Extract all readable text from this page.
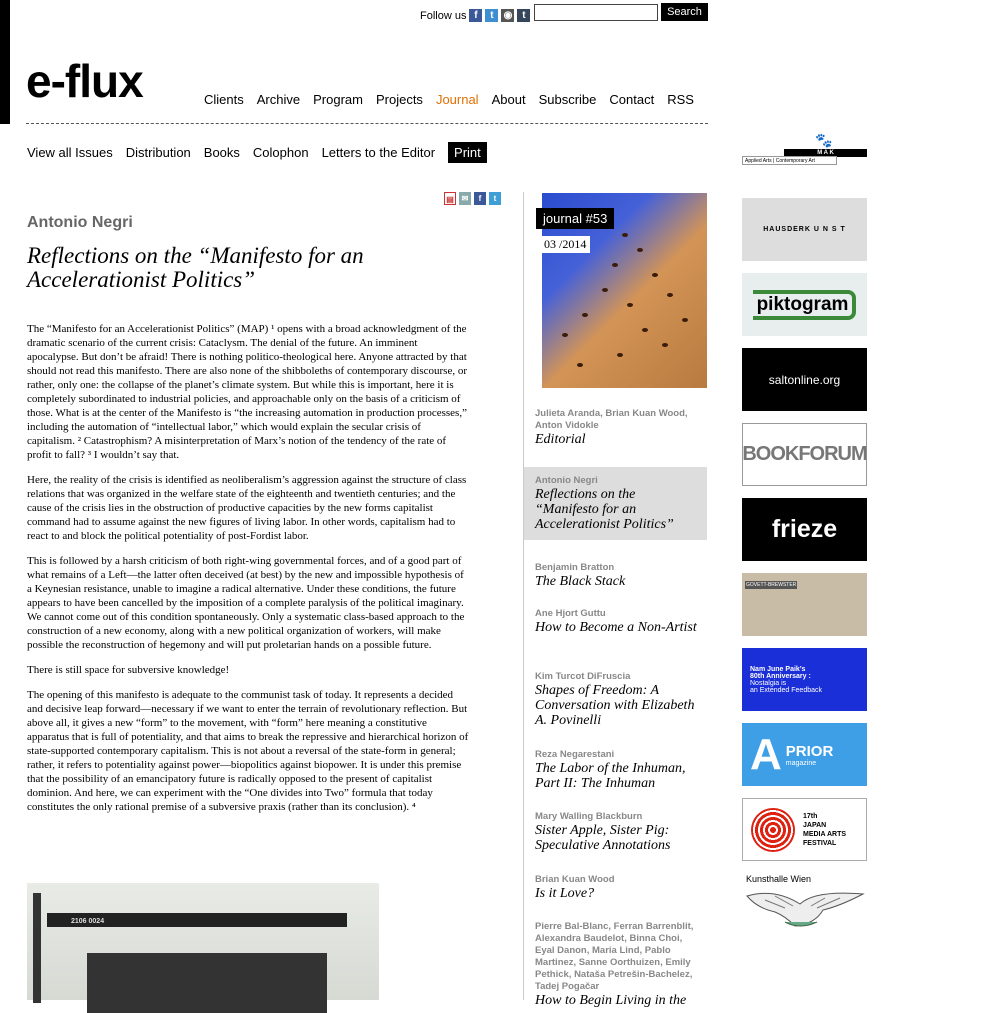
Follow us f	t ◉ t	Search
e-flux	Clients Archive Program Projects Journal About Subscribe Contact RSS
View all Issues Distribution Books Colophon Letters to the Editor	Print
▤ ✉	f	t
Antonio Negri
Reflections on the “Manifesto for an Accelerationist Politics”

The “Manifesto for an Accelerationist Politics” (MAP) ¹ opens with a broad acknowledgment of the dramatic scenario of the current crisis: Cataclysm. The denial of the future. An imminent apocalypse. But don’t be afraid! There is nothing politico-theological here. Anyone attracted by that should not read this manifesto. There are also none of the shibboleths of contemporary discourse, or rather, only one: the collapse of the planet’s climate system. But while this is important, here it is completely subordinated to industrial policies, and approachable only on the basis of a criticism of those. What is at the center of the Manifesto is “the increasing automation in production processes,” including the automation of “intellectual labor,” which would explain the secular crisis of capitalism. ² Catastrophism? A misinterpretation of Marx’s notion of the tendency of the rate of profit to fall? ³ I wouldn’t say that.

Here, the reality of the crisis is identified as neoliberalism’s aggression against the structure of class relations that was organized in the welfare state of the eighteenth and twentieth centuries; and the cause of the crisis lies in the obstruction of productive capacities by the new forms capitalist command had to assume against the new figures of living labor. In other words, capitalism had to react to and block the political potentiality of post-Fordist labor.

This is followed by a harsh criticism of both right-wing governmental forces, and of a good part of what remains of a Left—the latter often deceived (at best) by the new and impossible hypothesis of a Keynesian resistance, unable to imagine a radical alternative. Under these conditions, the future appears to have been cancelled by the imposition of a complete paralysis of the political imaginary. We cannot come out of this condition spontaneously. Only a systematic class-based approach to the construction of a new economy, along with a new political organization of workers, will make possible the reconstruction of hegemony and will put proletarian hands on a possible future.

There is still space for subversive knowledge!

The opening of this manifesto is adequate to the communist task of today. It represents a decided and decisive leap forward—necessary if we want to enter the terrain of revolutionary reflection. But above all, it gives a new “form” to the movement, with “form” here meaning a constitutive apparatus that is full of potentiality, and that aims to break the repressive and hierarchical horizon of state-supported contemporary capitalism. This is not about a reversal of the state-form in general; rather, it refers to potentiality against power—biopolitics against biopower. It is under this premise that the possibility of an emancipatory future is radically opposed to the present of capitalist dominion. And here, we can experiment with the “One divides into Two” formula that today constitutes the only rational premise of a subversive praxis (rather than its conclusion). ⁴

2106 0024
journal #53
03 /2014
Julieta Aranda, Brian Kuan Wood, Anton Vidokle
Editorial
Antonio Negri
Reflections on the “Manifesto for an Accelerationist Politics”
Benjamin Bratton
The Black Stack
Ane Hjort Guttu
How to Become a Non-Artist
Kim Turcot DiFruscia
Shapes of Freedom: A Conversation with Elizabeth A. Povinelli
Reza Negarestani
The Labor of the Inhuman, Part II: The Inhuman
Mary Walling Blackburn
Sister Apple, Sister Pig: Speculative Annotations
Brian Kuan Wood
Is it Love?
Pierre Bal-Blanc, Ferran Barrenblit, Alexandra Baudelot, Binna Choi, Eyal Danon, Maria Lind, Pablo Martinez, Sanne Oorthuizen, Emily Pethick, Nataša Petrešin-Bachelez, Tadej Pogačar
How to Begin Living in the
🐾
M A K
Applied Arts | Contemporary Art
HAUSDERK U N S T
piktogram
saltonline.org
BOOKFORUM
frieze
GOVETT-BREWSTER
Nam June Paik’s
80th Anniversary :
Nostalgia is
an Extended Feedback
A PRIOR
magazine
17th
JAPAN
MEDIA ARTS
FESTIVAL
Kunsthalle Wien
